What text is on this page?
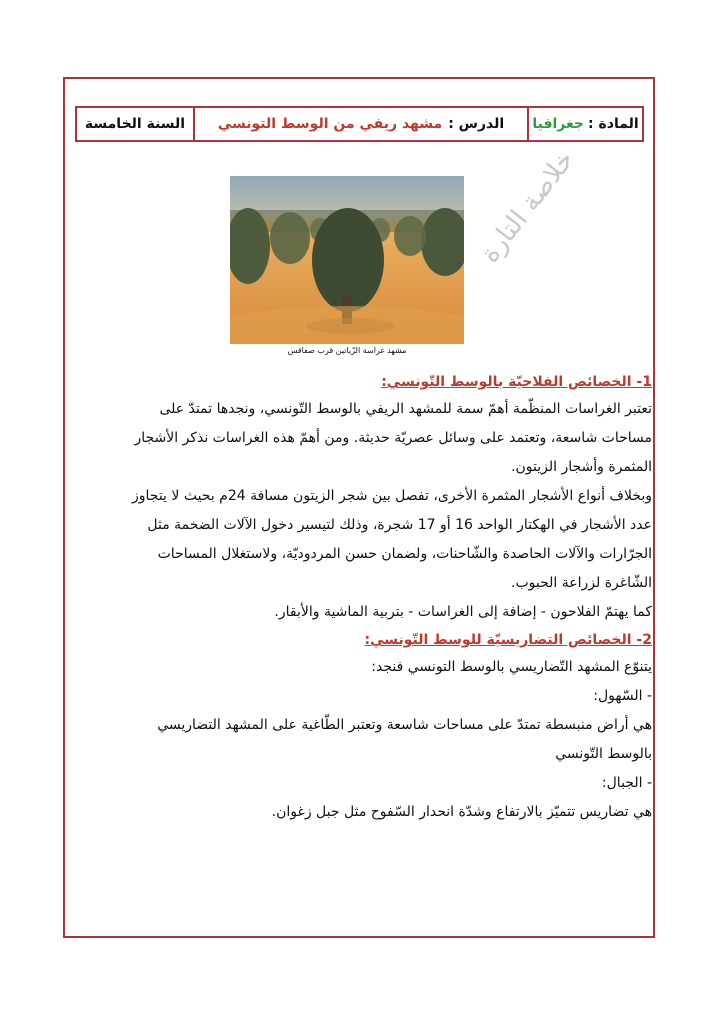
المادة :
جغرافيا
الدرس :
مشهد ريفي من الوسط التونسي
السنة الخامسة
مشهد غراسة الزّياتين قرب صفاقس
خلاصة التارة
1- الخصائص الفلاحيّة بالوسط التّونسي:
تعتبر الغراسات المنظّمة أهمّ سمة للمشهد الريفي بالوسط التّونسي، ونجدها تمتدّ على
مساحات شاسعة، وتعتمد على وسائل عصريّة حديثة. ومن أهمّ هذه الغراسات نذكر الأشجار
المثمرة وأشجار الزيتون.
وبخلاف أنواع الأشجار المثمرة الأخرى، تفصل بين شجر الزيتون مسافة 24م بحيث لا يتجاوز
عدد الأشجار في الهكتار الواحد 16 أو 17 شجرة، وذلك لتيسير دخول الآلات الضخمة مثل
الجرّارات والآلات الحاصدة والشّاحنات، ولضمان حسن المردوديّة، ولاستغلال المساحات
الشّاغرة لزراعة الحبوب.
كما يهتمّ الفلاحون - إضافة إلى الغراسات - بتربية الماشية والأبقار.
2- الخصائص التضاريسيّة للوسط التّونسي:
يتنوّع المشهد التّضاريسي بالوسط التونسي فنجد:
- السّهول:
هي أراض منبسطة تمتدّ على مساحات شاسعة وتعتبر الطّاغية على المشهد التضاريسي
بالوسط التّونسي
- الجبال:
هي تضاريس تتميّز بالارتفاع وشدّة انحدار السّفوح مثل جبل زغوان.
